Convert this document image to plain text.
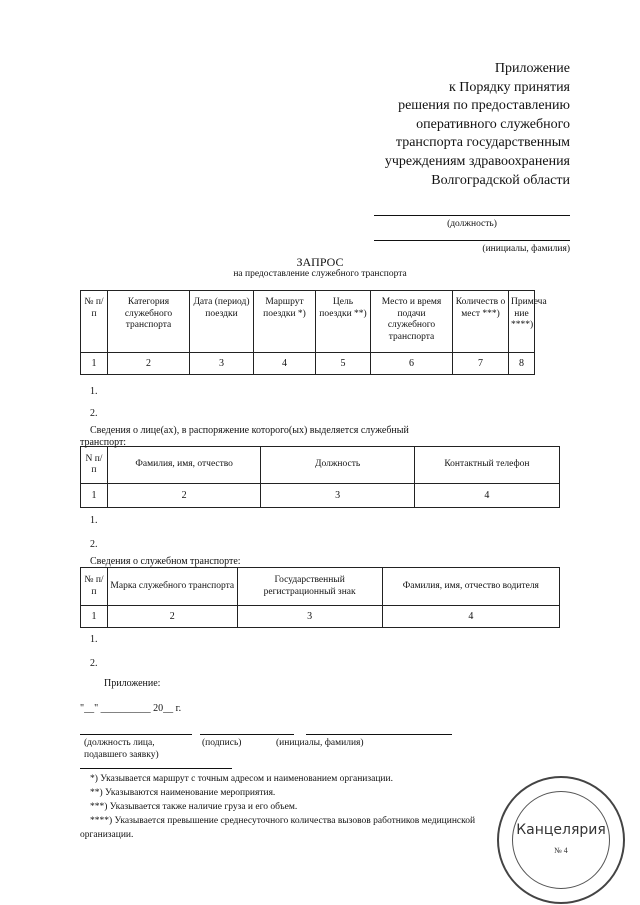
Приложение
к Порядку принятия
решения по предоставлению
оперативного служебного
транспорта государственным
учреждениям здравоохранения
Волгоградской области
(должность)
(инициалы, фамилия)
ЗАПРОС
на предоставление служебного транспорта
№ п/п	Категория служебного транспорта	Дата (период) поездки	Маршрут поездки *)	Цель поездки **)	Место и время подачи служебного транспорта	Количеств о мест ***)	Примеча ние ****)
1	2	3	4	5	6	7	8
1.
2.
Сведения о лице(ах), в распоряжение которого(ых) выделяется служебный
транспорт:
N п/п	Фамилия, имя, отчество	Должность	Контактный телефон
1	2	3	4
1.
2.
Сведения о служебном транспорте:
№ п/п	Марка служебного транспорта	Государственный регистрационный знак	Фамилия, имя, отчество водителя
1	2	3	4
1.
2.
Приложение:
"__" __________ 20__ г.
(должность лица,
подавшего заявку)
(подпись)	(инициалы, фамилия)
*) Указывается маршрут с точным адресом и наименованием организации.
**) Указываются наименование мероприятия.
***) Указывается также наличие груза и его объем.
****) Указывается превышение среднесуточного количества вызовов работников медицинской
организации.	Канцелярия
№ 4
